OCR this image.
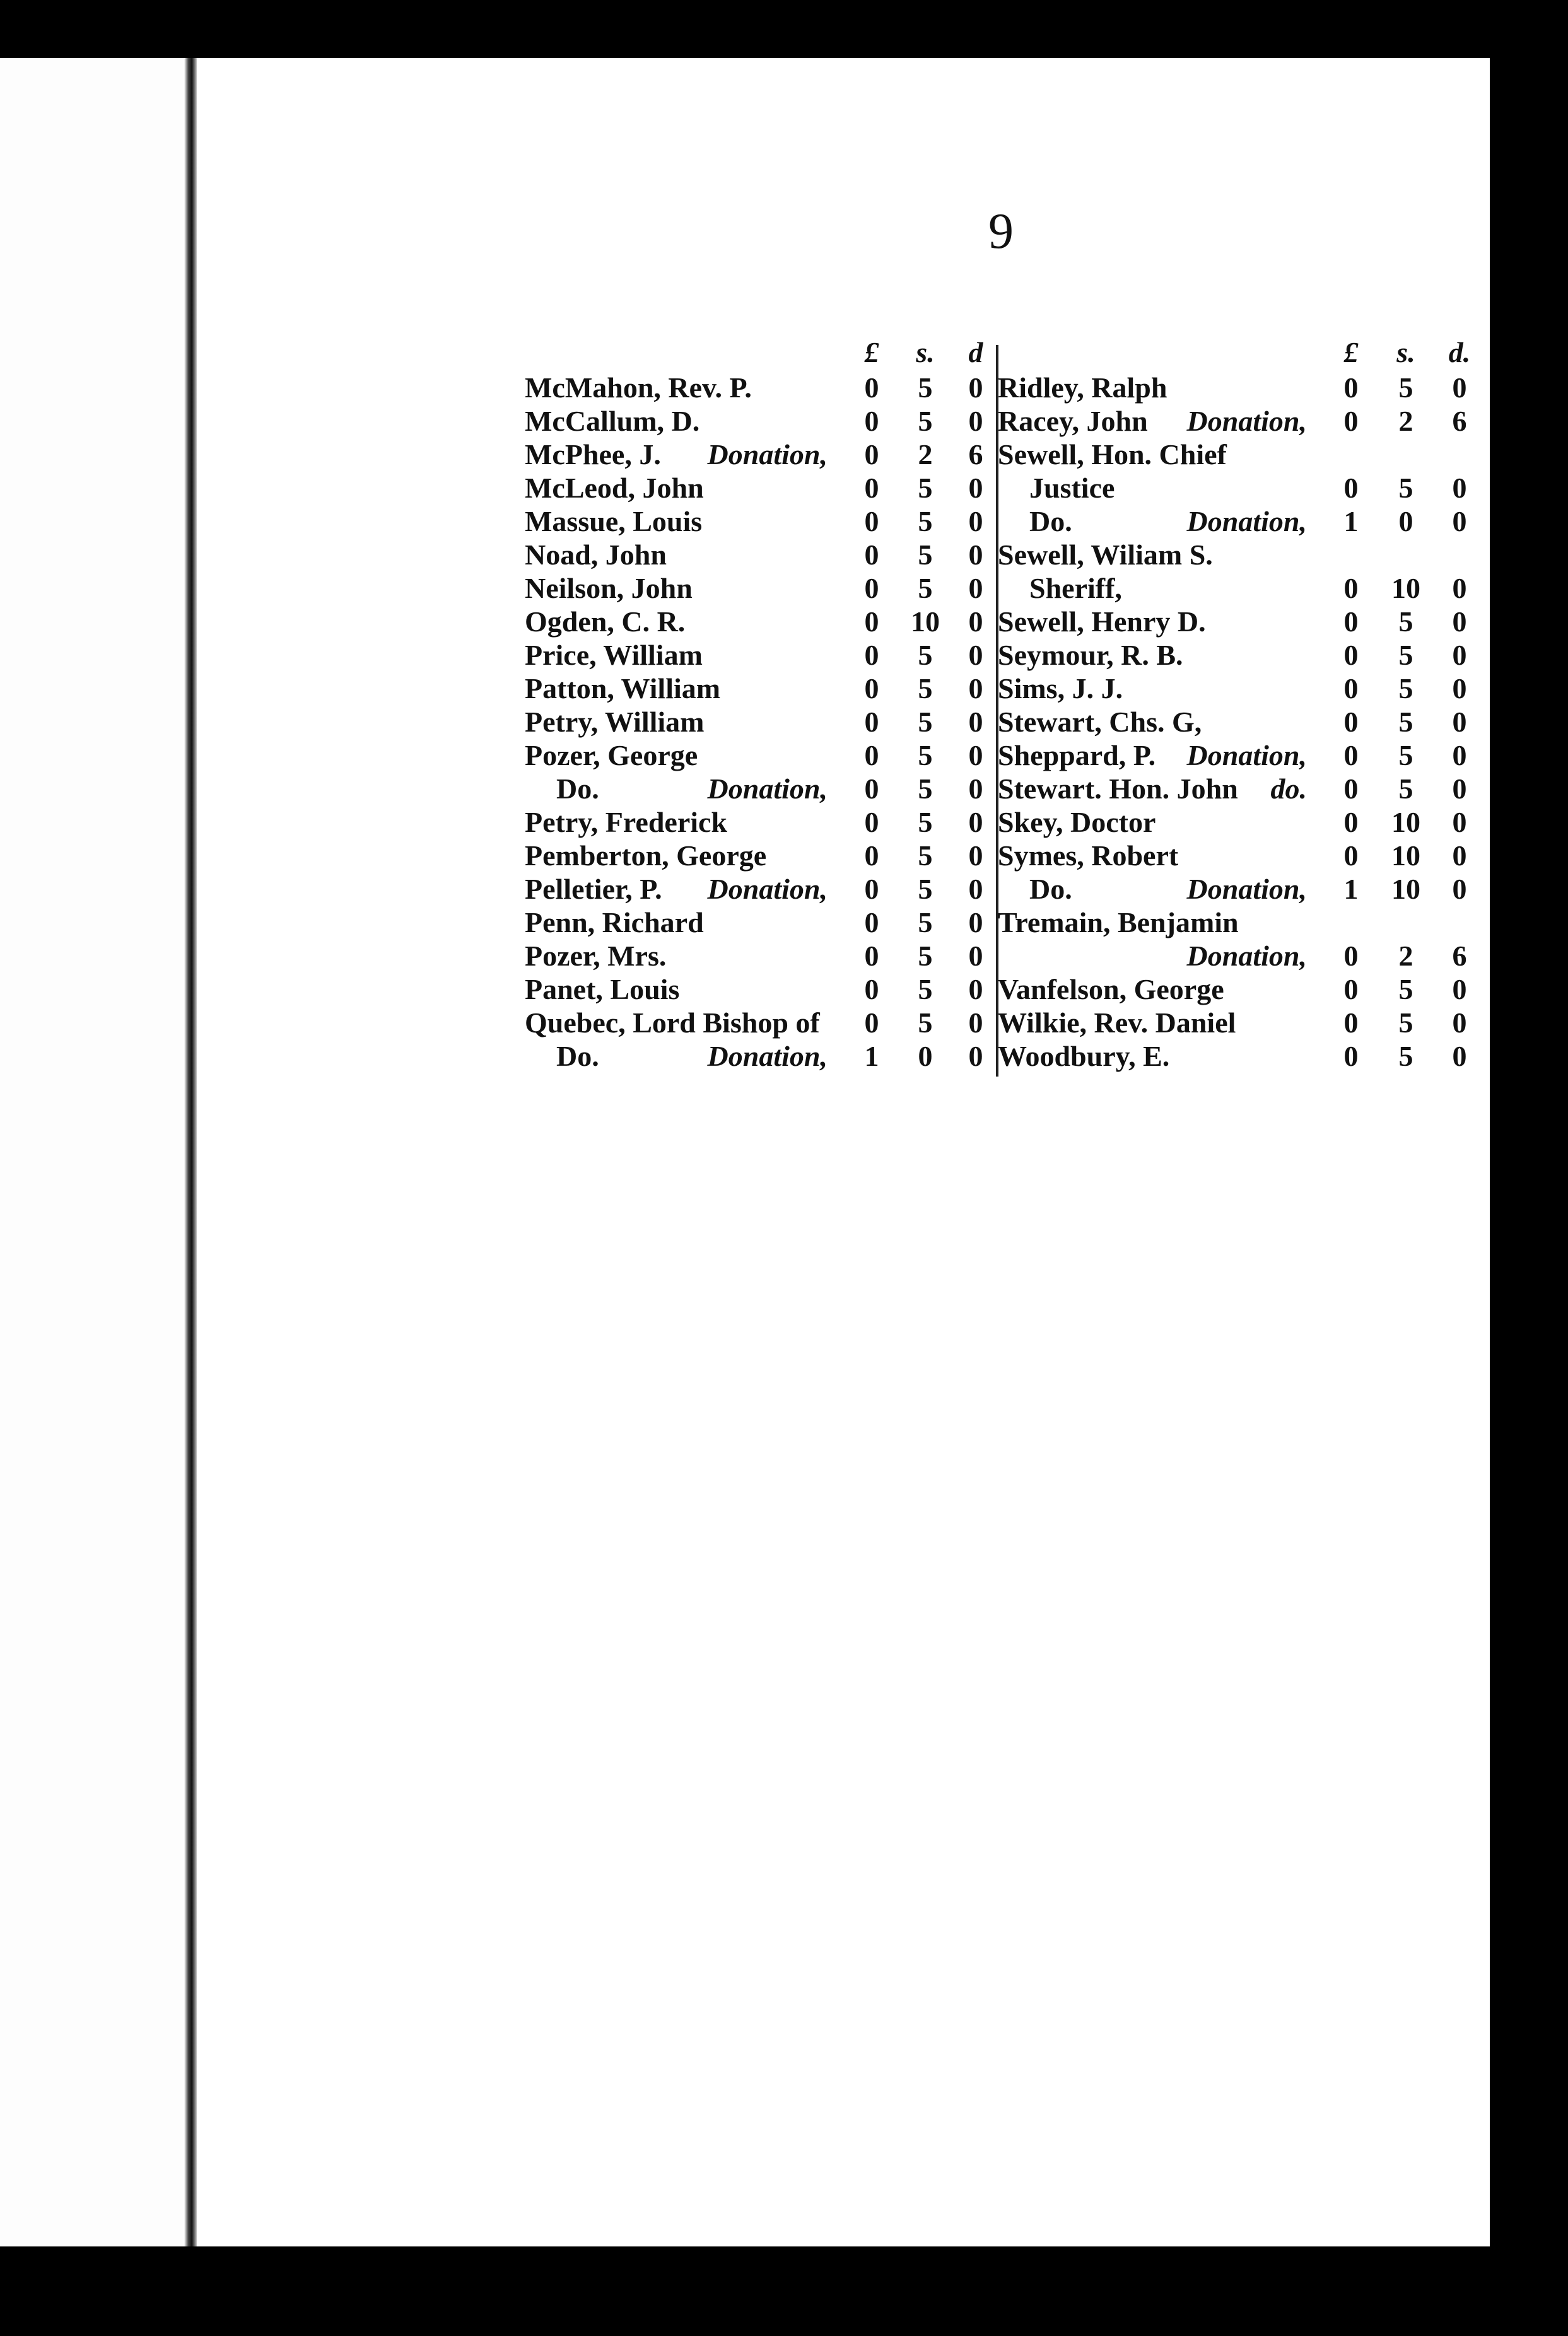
9
£	s.	d
McMahon, Rev. P.	0	5	0
McCallum, D.	0	5	0
McPhee, J. Donation,	0	2	6
McLeod, John	0	5	0
Massue, Louis	0	5	0
Noad, John	0	5	0
Neilson, John	0	5	0
Ogden, C. R.	0	10 0
Price, William	0	5	0
Patton, William	0	5	0
Petry, William	0	5	0
Pozer, George	0	5	0
Do.	Donation,	0	5	0
Petry, Frederick	0	5	0
Pemberton, George	0	5	0
Pelletier, P. Donation,	0	5	0
Penn, Richard	0	5	0
Pozer, Mrs.	0	5	0
Panet, Louis	0	5	0
Quebec, Lord Bishop of	0	5	0
Do.	Donation,	1	0	0
£	s.	d.
Ridley, Ralph	0	5	0
Racey, John Donation,	0	2	6
Sewell, Hon. Chief
Justice	0	5	0
Do.	Donation,	1	0	0
Sewell, Wiliam S.
Sheriff,	0	10	0
Sewell, Henry D.	0	5	0
Seymour, R. B.	0	5	0
Sims, J. J.	0	5	0
Stewart, Chs. G,	0	5	0
Sheppard, P. Donation,	0	5	0
Stewart. Hon. John do.	0	5	0
Skey, Doctor	0	10	0
Symes, Robert	0	10	0
Do.	Donation,	1	10	0
Tremain, Benjamin
Donation,	0	2	6
Vanfelson, George	0	5	0
Wilkie, Rev. Daniel	0	5	0
Woodbury, E.	0	5	0
